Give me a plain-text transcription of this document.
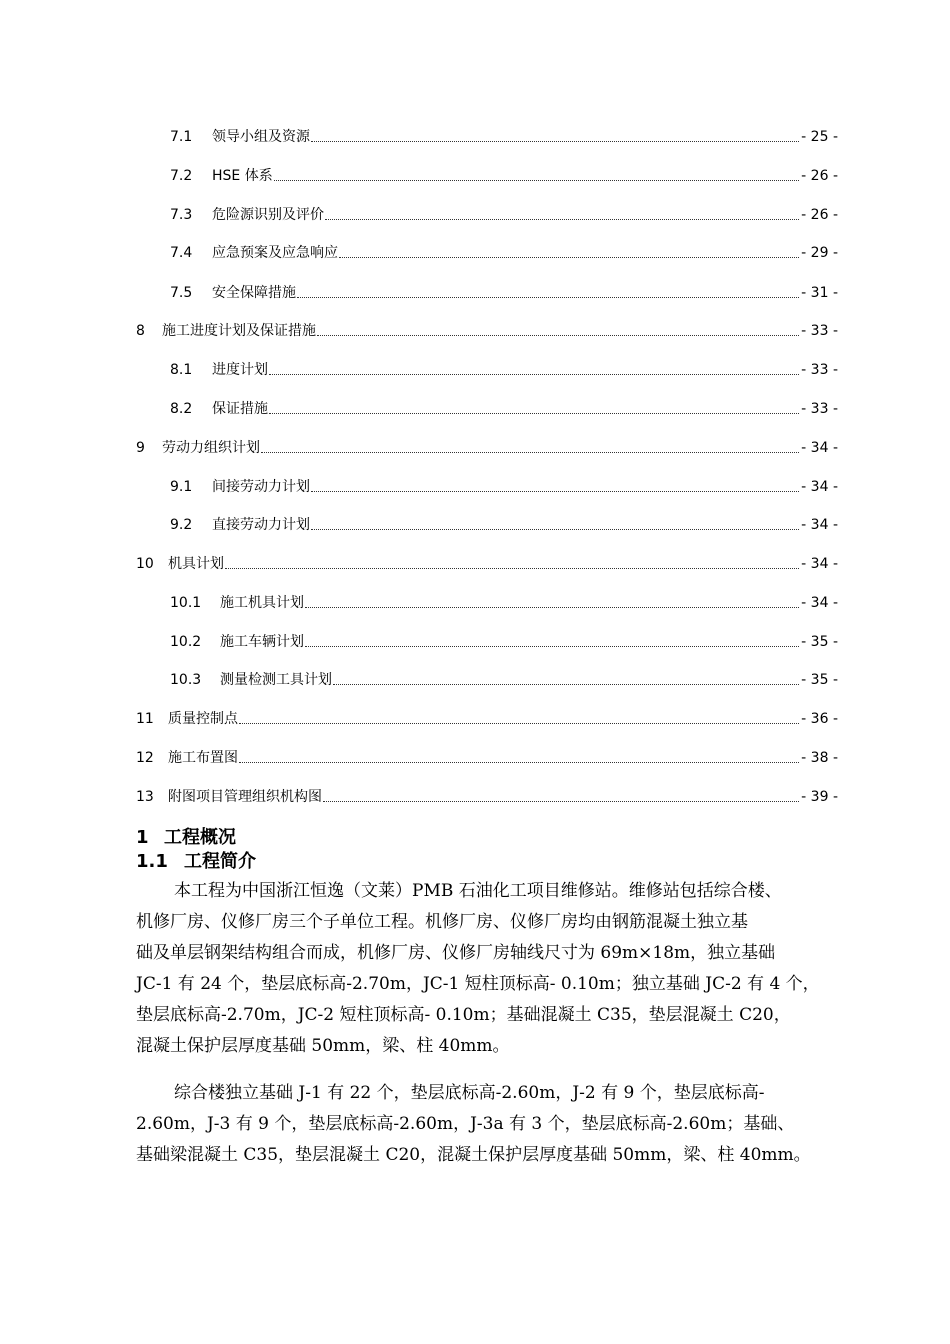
7.1	领导小组及资源	- 25 -
7.2	HSE 体系	- 26 -
7.3	危险源识别及评价	- 26 -
7.4	应急预案及应急响应	- 29 -
7.5	安全保障措施	- 31 -
8	施工进度计划及保证措施	- 33 -
8.1	进度计划	- 33 -
8.2	保证措施	- 33 -
9	劳动力组织计划	- 34 -
9.1	间接劳动力计划	- 34 -
9.2	直接劳动力计划	- 34 -
10	机具计划	- 34 -
10.1	施工机具计划	- 34 -
10.2	施工车辆计划	- 35 -
10.3	测量检测工具计划	- 35 -
11	质量控制点	- 36 -
12	施工布置图	- 38 -
13	附图项目管理组织机构图	- 39 -
1 工程概况
1.1 工程简介
本工程为中国浙江恒逸（文莱）PMB 石油化工项目维修站。维修站包括综合楼、
机修厂房、仪修厂房三个子单位工程。机修厂房、仪修厂房均由钢筋混凝土独立基
础及单层钢架结构组合而成，机修厂房、仪修厂房轴线尺寸为 69m×18m，独立基础
JC-1 有 24 个，垫层底标高-2.70m，JC-1 短柱顶标高- 0.10m；独立基础 JC-2 有 4 个，
垫层底标高-2.70m，JC-2 短柱顶标高- 0.10m；基础混凝土 C35，垫层混凝土 C20，
混凝土保护层厚度基础 50mm，梁、柱 40mm。
综合楼独立基础 J-1 有 22 个，垫层底标高-2.60m，J-2 有 9 个，垫层底标高-
2.60m，J-3 有 9 个，垫层底标高-2.60m，J-3a 有 3 个，垫层底标高-2.60m；基础、
基础梁混凝土 C35，垫层混凝土 C20，混凝土保护层厚度基础 50mm，梁、柱 40mm。
